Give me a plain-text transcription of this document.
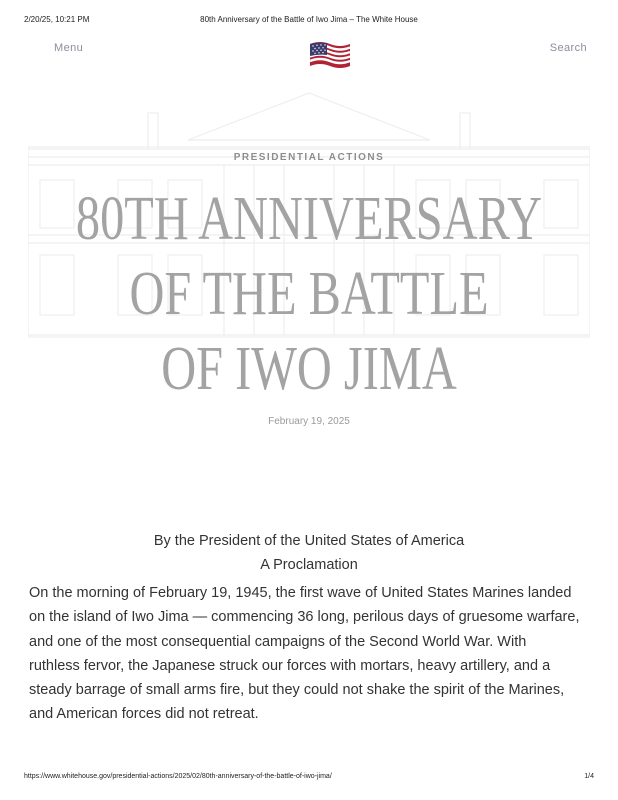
2/20/25, 10:21 PM	80th Anniversary of the Battle of Iwo Jima – The White House
Menu	Search
PRESIDENTIAL ACTIONS
80TH ANNIVERSARY
OF THE BATTLE
OF IWO JIMA
February 19, 2025
By the President of the United States of America
A Proclamation

On the morning of February 19, 1945, the first wave of United States Marines landed on the island of Iwo Jima — commencing 36 long, perilous days of gruesome warfare, and one of the most consequential campaigns of the Second World War. With ruthless fervor, the Japanese struck our forces with mortars, heavy artillery, and a steady barrage of small arms fire, but they could not shake the spirit of the Marines, and American forces did not retreat.

https://www.whitehouse.gov/presidential-actions/2025/02/80th-anniversary-of-the-battle-of-iwo-jima/	1/4
